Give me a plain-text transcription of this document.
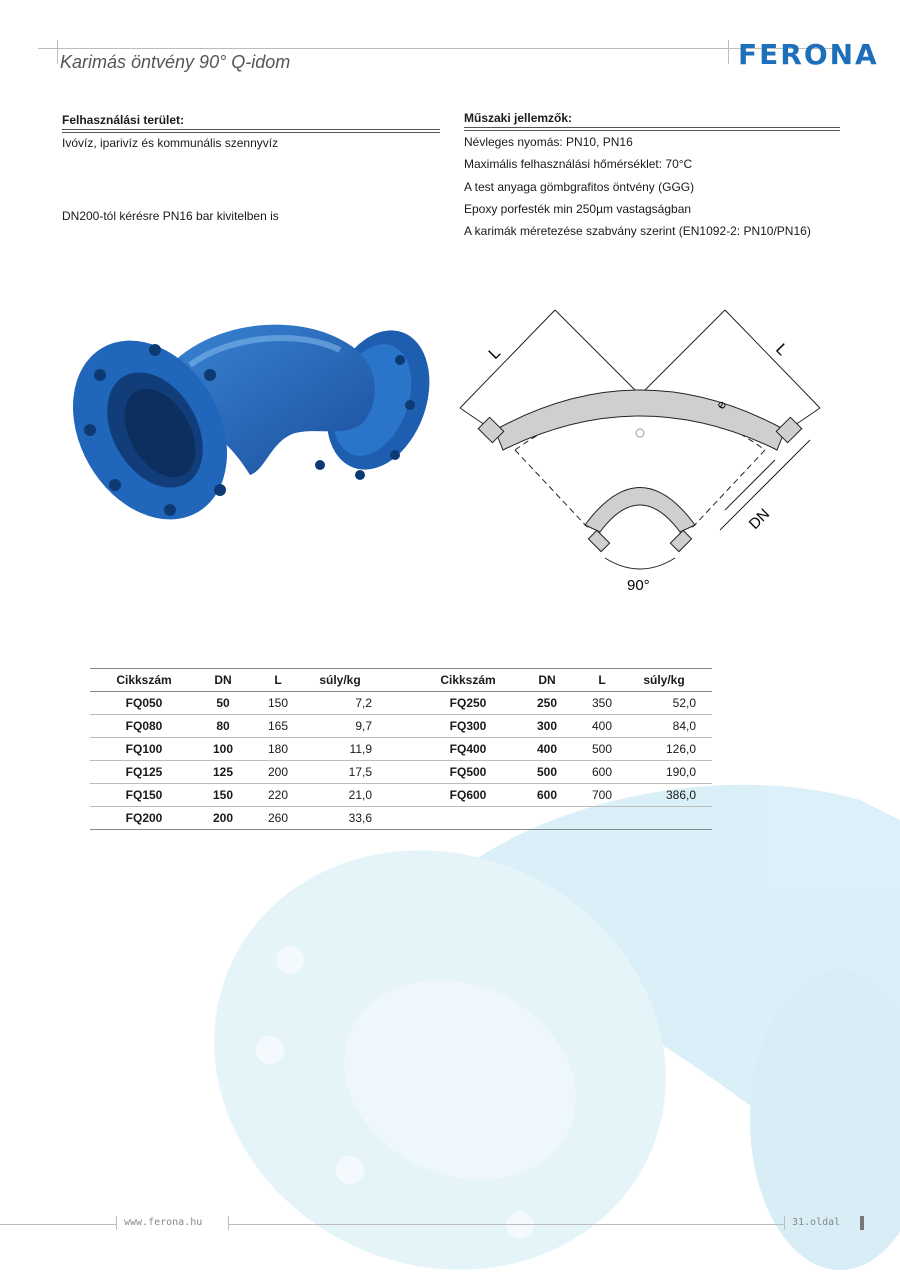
Karimás öntvény 90° Q-idom	FERONA
Felhasználási terület:
Ivóvíz, iparivíz és kommunális szennyvíz
DN200-tól kérésre PN16 bar kivitelben is
Műszaki jellemzők:
Névleges nyomás: PN10, PN16
Maximális felhasználási hőmérséklet: 70°C
A test anyaga gömbgrafitos öntvény (GGG)
Epoxy porfesték min 250µm vastagságban
A karimák méretezése szabvány szerint (EN1092-2: PN10/PN16)
L	L
e
DN
90°
Cikkszám	DN	L	súly/kg		Cikkszám	DN	L	súly/kg
FQ050	50	150	7,2		FQ250	250	350	52,0
FQ080	80	165	9,7		FQ300	300	400	84,0
FQ100	100	180	11,9		FQ400	400	500	126,0
FQ125	125	200	17,5		FQ500	500	600	190,0
FQ150	150	220	21,0		FQ600	600	700	386,0
FQ200	200	260	33,6					
www.ferona.hu	31.oldal
